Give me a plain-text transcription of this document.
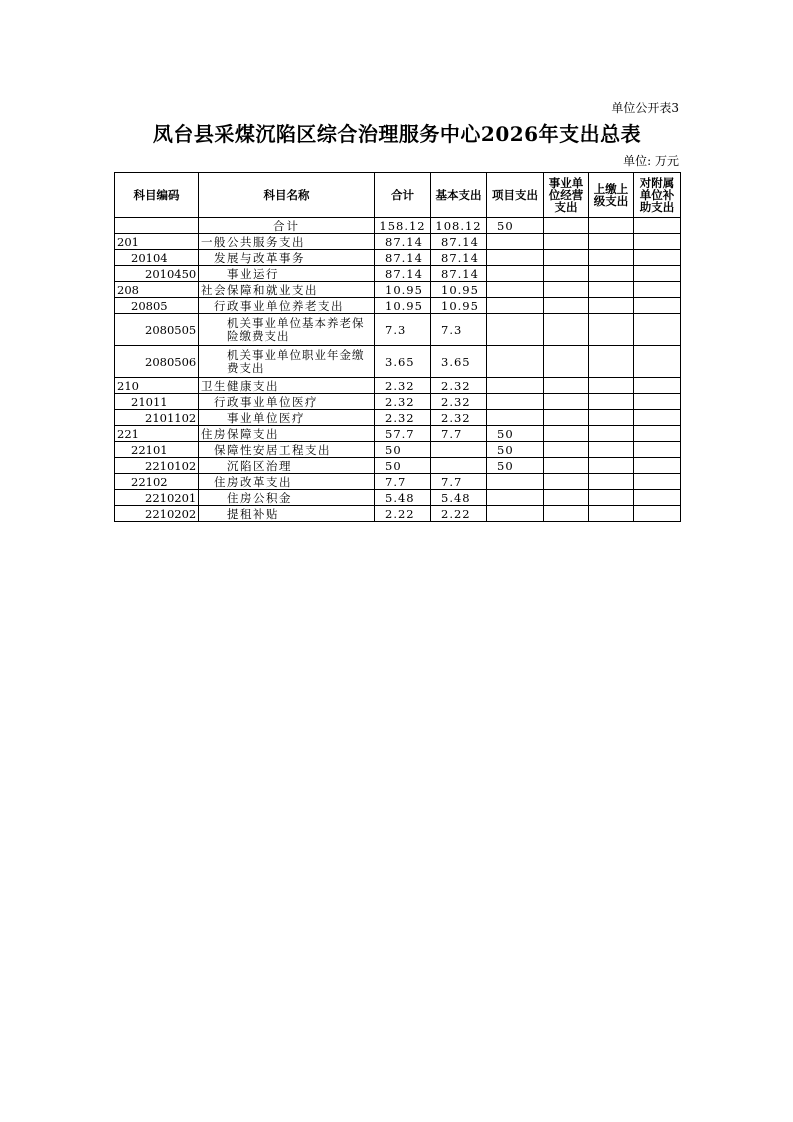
单位公开表3
凤台县采煤沉陷区综合治理服务中心2026年支出总表
单位: 万元
科目编码	科目名称	合计	基本支出	项目支出	事业单位经营支出	上缴上级支出	对附属单位补助支出
	合计	158.12	108.12	50			
201	一般公共服务支出	87.14	87.14				
20104	发展与改革事务	87.14	87.14				
2010450	事业运行	87.14	87.14				
208	社会保障和就业支出	10.95	10.95				
20805	行政事业单位养老支出	10.95	10.95				
2080505	机关事业单位基本养老保险缴费支出	7.3	7.3				
2080506	机关事业单位职业年金缴费支出	3.65	3.65				
210	卫生健康支出	2.32	2.32				
21011	行政事业单位医疗	2.32	2.32				
2101102	事业单位医疗	2.32	2.32				
221	住房保障支出	57.7	7.7	50			
22101	保障性安居工程支出	50		50			
2210102	沉陷区治理	50		50			
22102	住房改革支出	7.7	7.7				
2210201	住房公积金	5.48	5.48				
2210202	提租补贴	2.22	2.22				
